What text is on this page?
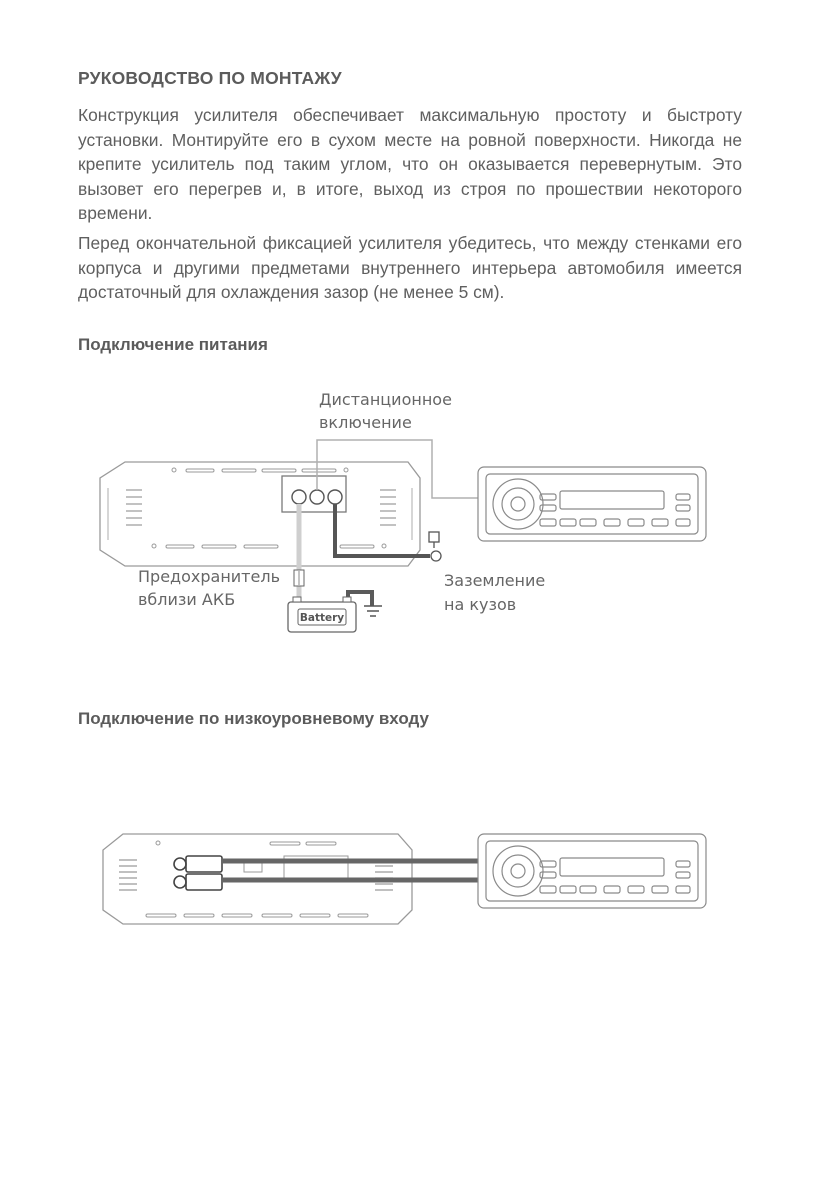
РУКОВОДСТВО ПО МОНТАЖУ

Конструкция усилителя обеспечивает максимальную простоту и быстроту установки. Монтируйте его в сухом месте на ровной поверхности. Никогда не крепите усилитель под таким углом, что он оказывается перевернутым. Это вызовет его перегрев и, в итоге, выход из строя по прошествии некоторого времени.

Перед окончательной фиксацией усилителя убедитесь, что между стенками его корпуса и другими предметами внутреннего интерьера автомобиля имеется достаточный для охлаждения зазор (не менее 5 см).

Подключение питания
Battery
Дистанционное
включение
Предохранитель
вблизи АКБ
Заземление
на кузов
Подключение по низкоуровневому входу
